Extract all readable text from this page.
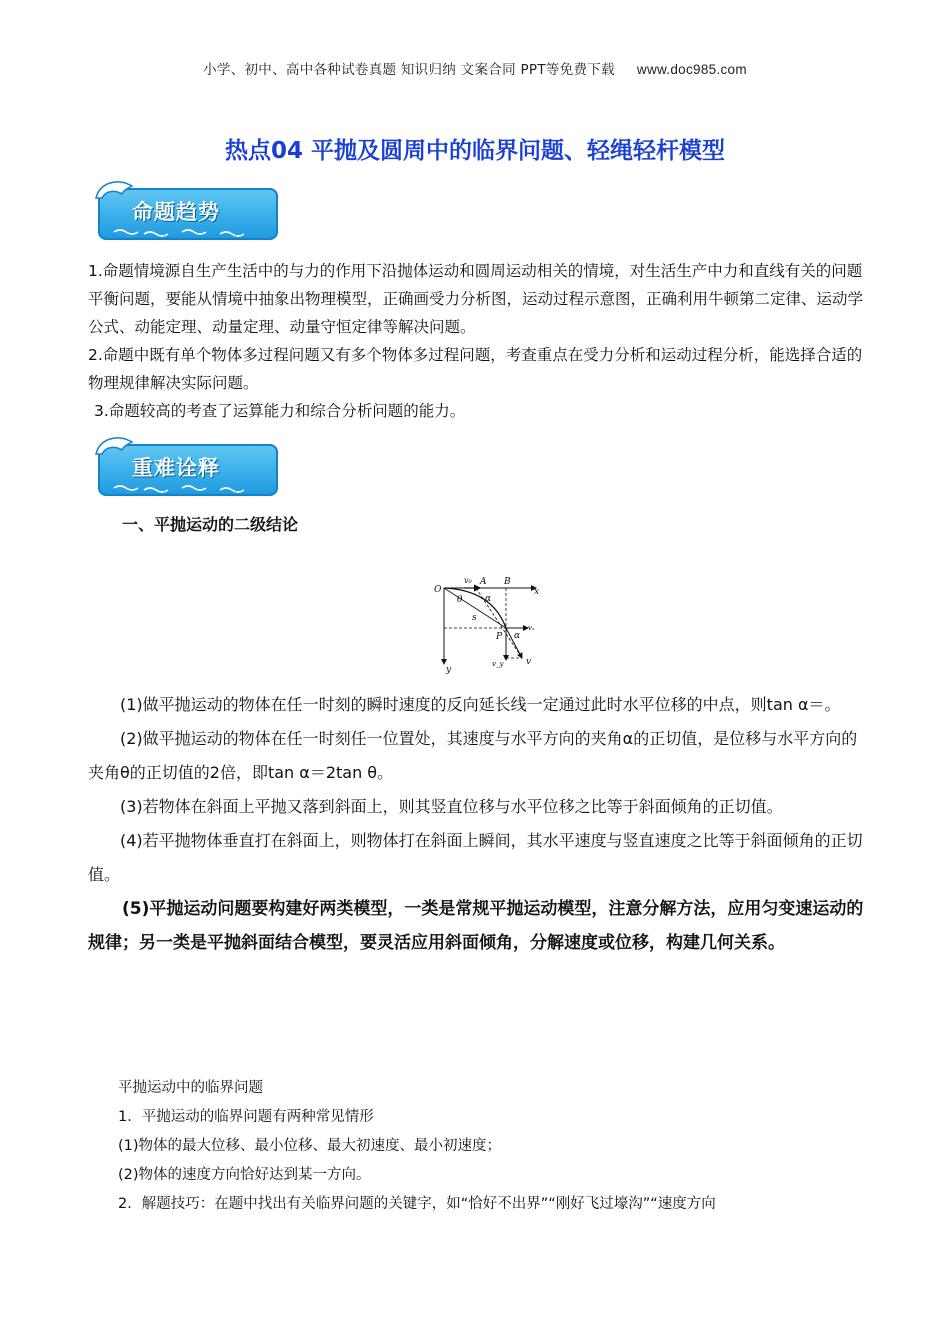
小学、初中、高中各种试卷真题 知识归纳 文案合同 PPT等免费下载 www.doc985.com
热点04 平抛及圆周中的临界问题、轻绳轻杆模型
命题趋势
1.命题情境源自生产生活中的与力的作用下沿抛体运动和圆周运动相关的情境，对生活生产中力和直线有关的问题平衡问题，要能从情境中抽象出物理模型，正确画受力分析图，运动过程示意图，正确利用牛顿第二定律、运动学公式、动能定理、动量定理、动量守恒定律等解决问题。
2.命题中既有单个物体多过程问题又有多个物体多过程问题，考查重点在受力分析和运动过程分析，能选择合适的物理规律解决实际问题。
3.命题较高的考查了运算能力和综合分析问题的能力。
重难诠释
一、平抛运动的二级结论
O
v₀ A B
x
θ	α
s
P α
vₓ
v_y	v
y
(1)做平抛运动的物体在任一时刻的瞬时速度的反向延长线一定通过此时水平位移的中点，则tan α＝。
(2)做平抛运动的物体在任一时刻任一位置处，其速度与水平方向的夹角α的正切值，是位移与水平方向的夹角θ的正切值的2倍，即tan α＝2tan θ。
(3)若物体在斜面上平抛又落到斜面上，则其竖直位移与水平位移之比等于斜面倾角的正切值。
(4)若平抛物体垂直打在斜面上，则物体打在斜面上瞬间，其水平速度与竖直速度之比等于斜面倾角的正切值。
(5)平抛运动问题要构建好两类模型，一类是常规平抛运动模型，注意分解方法，应用匀变速运动的规律；另一类是平抛斜面结合模型，要灵活应用斜面倾角，分解速度或位移，构建几何关系。
平抛运动中的临界问题
1．平抛运动的临界问题有两种常见情形
(1)物体的最大位移、最小位移、最大初速度、最小初速度；
(2)物体的速度方向恰好达到某一方向。
2．解题技巧：在题中找出有关临界问题的关键字，如“恰好不出界”“刚好飞过壕沟”“速度方向
